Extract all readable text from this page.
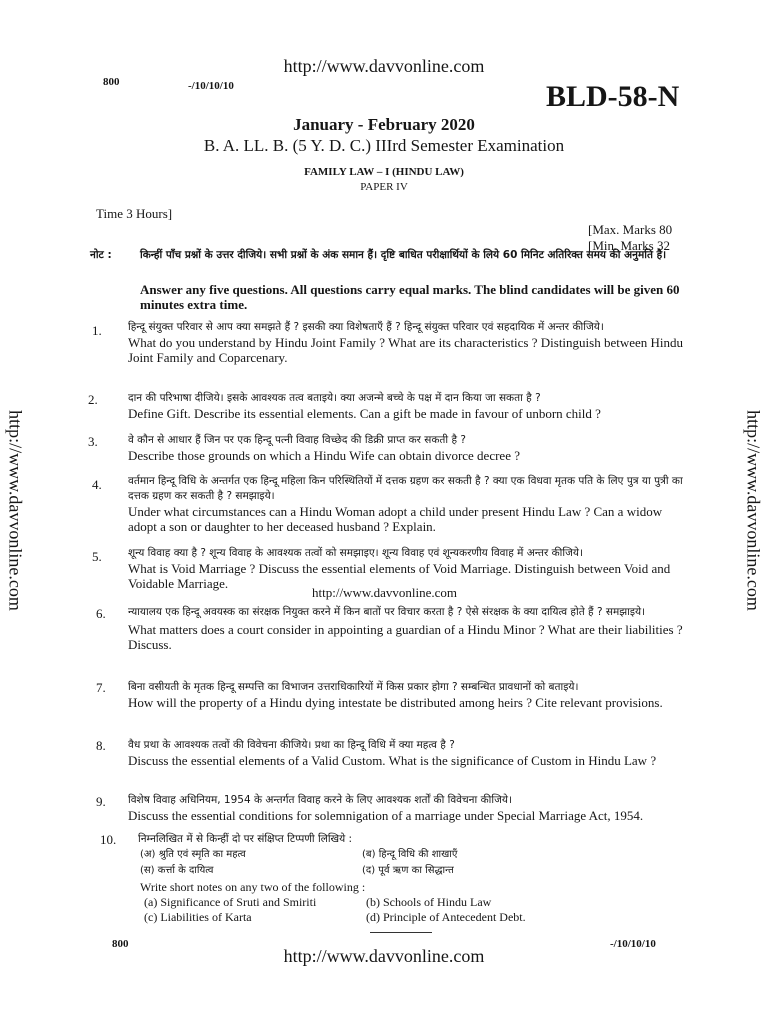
http://www.davvonline.com
800	-/10/10/10	BLD-58-N
January - February 2020
B. A. LL. B. (5 Y. D. C.) IIIrd Semester Examination
FAMILY LAW – I (HINDU LAW)
PAPER IV
Time 3 Hours]
[Max. Marks 80
[Min. Marks 32
नोट :	किन्हीं पाँच प्रश्नों के उत्तर दीजिये। सभी प्रश्नों के अंक समान हैं। दृष्टि बाधित परीक्षार्थियों के लिये 60 मिनिट अतिरिक्त समय की अनुमति है।
Answer any five questions. All questions carry equal marks. The blind candidates will be given 60 minutes extra time.
1.	हिन्दू संयुक्त परिवार से आप क्या समझते हैं ? इसकी क्या विशेषताएँ हैं ? हिन्दू संयुक्त परिवार एवं सहदायिक में अन्तर कीजिये।
What do you understand by Hindu Joint Family ? What are its characteristics ? Distinguish between Hindu Joint Family and Coparcenary.
2.	दान की परिभाषा दीजिये। इसके आवश्यक तत्व बताइये। क्या अजन्मे बच्चे के पक्ष में दान किया जा सकता है ?
Define Gift. Describe its essential elements. Can a gift be made in favour of unborn child ?
3.	वे कौन से आधार हैं जिन पर एक हिन्दू पत्नी विवाह विच्छेद की डिक्री प्राप्त कर सकती है ?
Describe those grounds on which a Hindu Wife can obtain divorce decree ?
4.	वर्तमान हिन्दू विधि के अन्तर्गत एक हिन्दू महिला किन परिस्थितियों में दत्तक ग्रहण कर सकती है ? क्या एक विधवा मृतक पति के लिए पुत्र या पुत्री का दत्तक ग्रहण कर सकती है ? समझाइये।
Under what circumstances can a Hindu Woman adopt a child under present Hindu Law ? Can a widow adopt a son or daughter to her deceased husband ? Explain.
5.	शून्य विवाह क्या है ? शून्य विवाह के आवश्यक तत्वों को समझाइए। शून्य विवाह एवं शून्यकरणीय विवाह में अन्तर कीजिये।
What is Void Marriage ? Discuss the essential elements of Void Marriage. Distinguish between Void and Voidable Marriage.
http://www.davvonline.com
6. न्यायालय एक हिन्दू अवयस्क का संरक्षक नियुक्त करने में किन बातों पर विचार करता है ? ऐसे संरक्षक के क्या दायित्व होते हैं ? समझाइये।
What matters does a court consider in appointing a guardian of a Hindu Minor ? What are their liabilities ? Discuss.
7. बिना वसीयती के मृतक हिन्दू सम्पत्ति का विभाजन उत्तराधिकारियों में किस प्रकार होगा ? सम्बन्धित प्रावधानों को बताइये।
How will the property of a Hindu dying intestate be distributed among heirs ? Cite relevant provisions.
8. वैध प्रथा के आवश्यक तत्वों की विवेचना कीजिये। प्रथा का हिन्दू विधि में क्या महत्व है ?
Discuss the essential elements of a Valid Custom. What is the significance of Custom in Hindu Law ?
9. विशेष विवाह अधिनियम, 1954 के अन्तर्गत विवाह करने के लिए आवश्यक शर्तों की विवेचना कीजिये।
Discuss the essential conditions for solemnigation of a marriage under Special Marriage Act, 1954.
10. निम्नलिखित में से किन्हीं दो पर संक्षिप्त टिप्पणी लिखिये :
(अ) श्रुति एवं स्मृति का महत्व	(ब) हिन्दू विधि की शाखाएँ
(स) कर्त्ता के दायित्व	(द) पूर्व ऋण का सिद्धान्त
Write short notes on any two of the following :
(a) Significance of Sruti and Smiriti	(b) Schools of Hindu Law
(c) Liabilities of Karta	(d) Principle of Antecedent Debt.
800	-/10/10/10
http://www.davvonline.com
http://www.davvonline.com	http://www.davvonline.com
